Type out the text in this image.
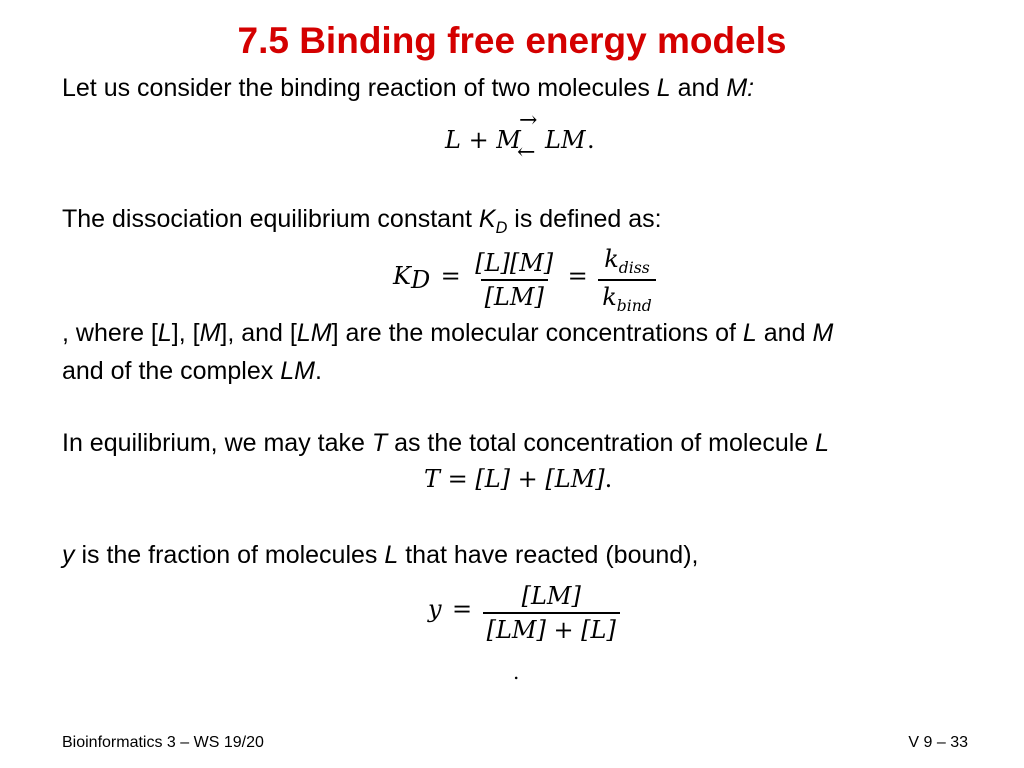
7.5 Binding free energy models
Let us consider the binding reaction of two molecules L and M:
L + M
→
← LM .
The dissociation equilibrium constant $K_D$ is defined as:
$K_D = \frac{[L][M]}{[LM]} = \frac{k_{diss}}{k_{bind}}$
, where [L], [M], and [LM] are the molecular concentrations of L and M
and of the complex LM.
In equilibrium, we may take T as the total concentration of molecule L
T = [L] + [LM].
y is the fraction of molecules L that have reacted (bound),
$y = \frac{[LM]}{[LM] + [L]}$
.
Bioinformatics 3 – WS 19/20	V 9 – 33
